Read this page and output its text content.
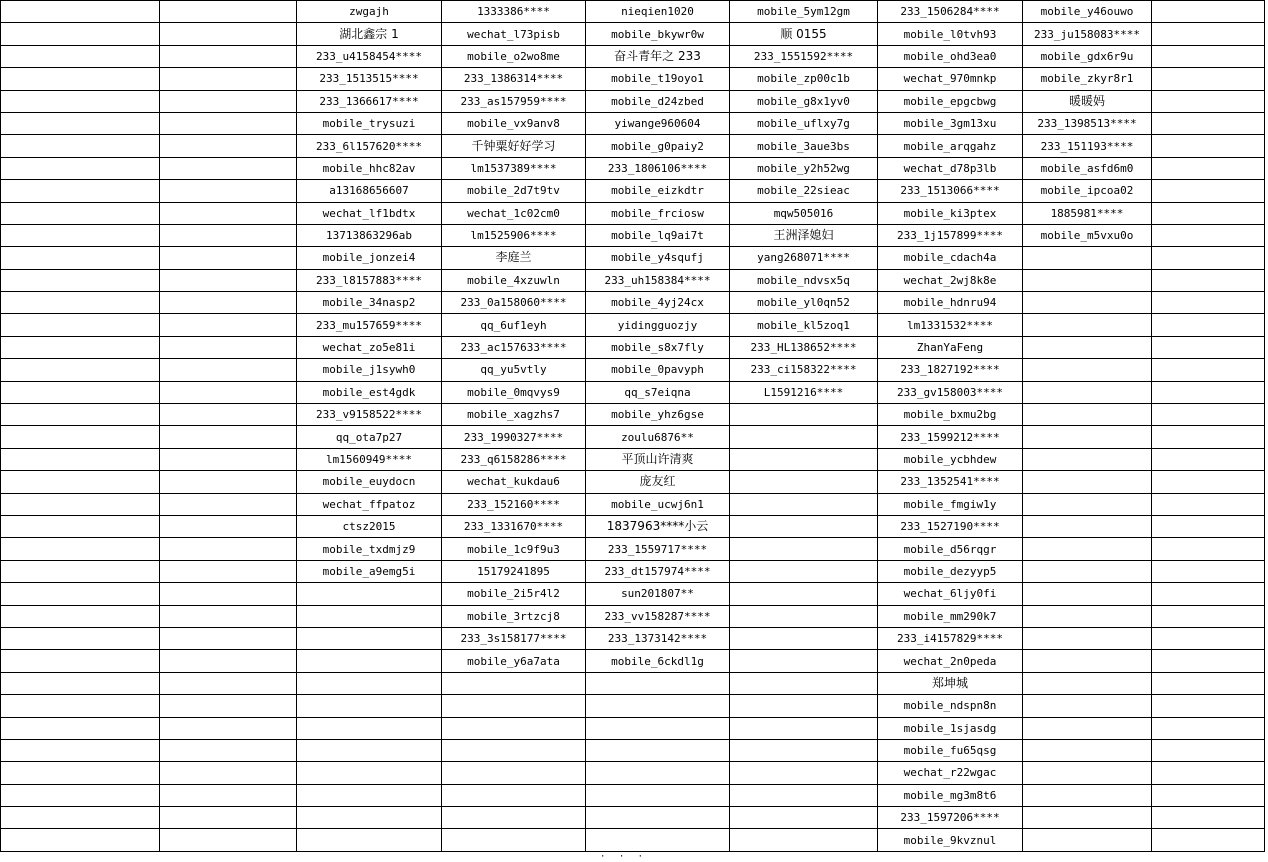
		zwgajh	1333386****	nieqien1020	mobile_5ym12gm	233_1506284****	mobile_y46ouwo	
		湖北鑫宗 1	wechat_l73pisb	mobile_bkywr0w	顺 0155	mobile_l0tvh93	233_ju158083****	
		233_u4158454****	mobile_o2wo8me	奋斗青年之 233	233_1551592****	mobile_ohd3ea0	mobile_gdx6r9u	
		233_1513515****	233_1386314****	mobile_t19oyo1	mobile_zp00c1b	wechat_970mnkp	mobile_zkyr8r1	
		233_1366617****	233_as157959****	mobile_d24zbed	mobile_g8x1yv0	mobile_epgcbwg	暖暖妈	
		mobile_trysuzi	mobile_vx9anv8	yiwange960604	mobile_uflxy7g	mobile_3gm13xu	233_1398513****	
		233_6l157620****	千钟粟好好学习	mobile_g0paiy2	mobile_3aue3bs	mobile_arqgahz	233_151193****	
		mobile_hhc82av	lm1537389****	233_1806106****	mobile_y2h52wg	wechat_d78p3lb	mobile_asfd6m0	
		a13168656607	mobile_2d7t9tv	mobile_eizkdtr	mobile_22sieac	233_1513066****	mobile_ipcoa02	
		wechat_lf1bdtx	wechat_1c02cm0	mobile_frciosw	mqw505016	mobile_ki3ptex	1885981****	
		13713863296ab	lm1525906****	mobile_lq9ai7t	王洲泽媳妇	233_1j157899****	mobile_m5vxu0o	
		mobile_jonzei4	李庭兰	mobile_y4squfj	yang268071****	mobile_cdach4a		
		233_l8157883****	mobile_4xzuwln	233_uh158384****	mobile_ndvsx5q	wechat_2wj8k8e		
		mobile_34nasp2	233_0a158060****	mobile_4yj24cx	mobile_yl0qn52	mobile_hdnru94		
		233_mu157659****	qq_6uf1eyh	yidingguozjy	mobile_kl5zoq1	lm1331532****		
		wechat_zo5e81i	233_ac157633****	mobile_s8x7fly	233_HL138652****	ZhanYaFeng		
		mobile_j1sywh0	qq_yu5vtly	mobile_0pavyph	233_ci158322****	233_1827192****		
		mobile_est4gdk	mobile_0mqvys9	qq_s7eiqna	L1591216****	233_gv158003****		
		233_v9158522****	mobile_xagzhs7	mobile_yhz6gse		mobile_bxmu2bg		
		qq_ota7p27	233_1990327****	zoulu6876**		233_1599212****		
		lm1560949****	233_q6158286****	平顶山许清爽		mobile_ycbhdew		
		mobile_euydocn	wechat_kukdau6	庞友红		233_1352541****		
		wechat_ffpatoz	233_152160****	mobile_ucwj6n1		mobile_fmgiw1y		
		ctsz2015	233_1331670****	1837963****小云		233_1527190****		
		mobile_txdmjz9	mobile_1c9f9u3	233_1559717****		mobile_d56rqgr		
		mobile_a9emg5i	15179241895	233_dt157974****		mobile_dezyyp5		
			mobile_2i5r4l2	sun201807**		wechat_6ljy0fi		
			mobile_3rtzcj8	233_vv158287****		mobile_mm290k7		
			233_3s158177****	233_1373142****		233_i4157829****		
			mobile_y6a7ata	mobile_6ckdl1g		wechat_2n0peda		
						郑坤城		
						mobile_ndspn8n		
						mobile_1sjasdg		
						mobile_fu65qsg		
						wechat_r22wgac		
						mobile_mg3m8t6		
						233_1597206****		
						mobile_9kvznul		
· · ·
